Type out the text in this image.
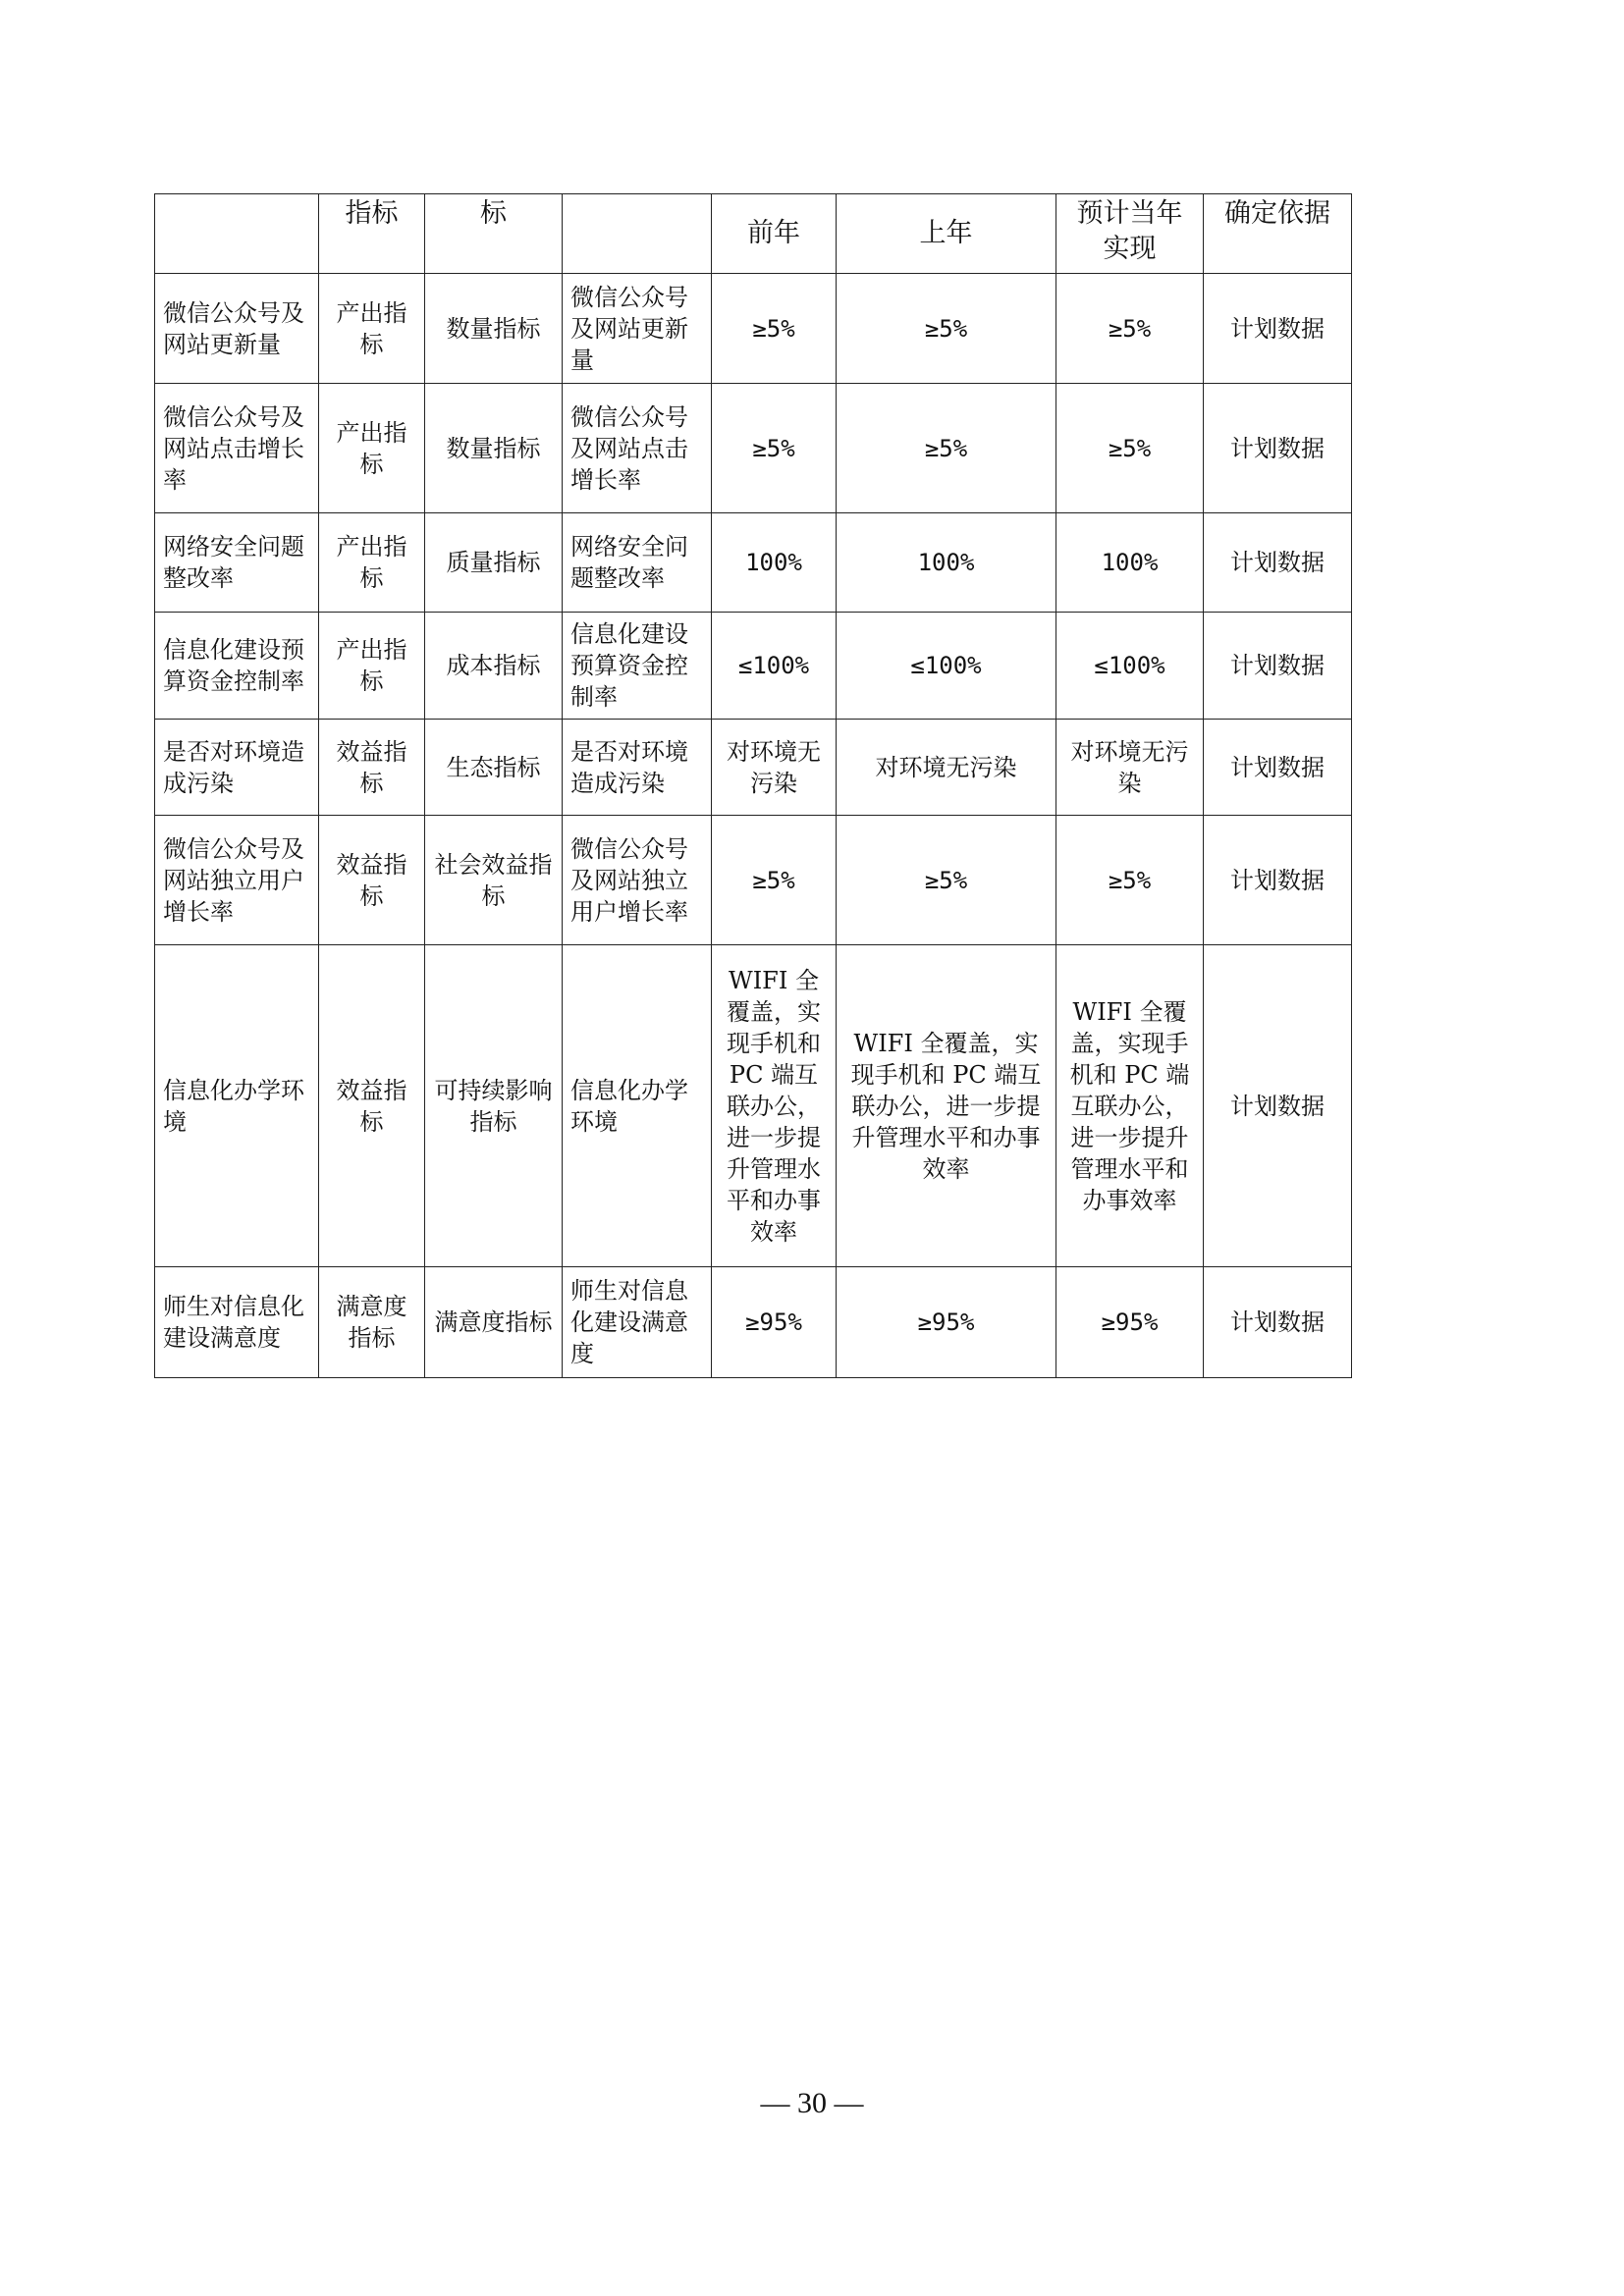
	指标	标		前年	上年	预计当年实现	确定依据
微信公众号及网站更新量	产出指标	数量指标	微信公众号及网站更新量	≥5%	≥5%	≥5%	计划数据
微信公众号及网站点击增长率	产出指标	数量指标	微信公众号及网站点击增长率	≥5%	≥5%	≥5%	计划数据
网络安全问题整改率	产出指标	质量指标	网络安全问题整改率	100%	100%	100%	计划数据
信息化建设预算资金控制率	产出指标	成本指标	信息化建设预算资金控制率	≤100%	≤100%	≤100%	计划数据
是否对环境造成污染	效益指标	生态指标	是否对环境造成污染	对环境无污染	对环境无污染	对环境无污染	计划数据
微信公众号及网站独立用户增长率	效益指标	社会效益指标	微信公众号及网站独立用户增长率	≥5%	≥5%	≥5%	计划数据
信息化办学环境	效益指标	可持续影响指标	信息化办学环境	WIFI 全覆盖，实现手机和 PC 端互联办公，进一步提升管理水平和办事效率	WIFI 全覆盖，实现手机和 PC 端互联办公，进一步提升管理水平和办事效率	WIFI 全覆盖，实现手机和 PC 端互联办公，进一步提升管理水平和办事效率	计划数据
师生对信息化建设满意度	满意度指标	满意度指标	师生对信息化建设满意度	≥95%	≥95%	≥95%	计划数据
— 30 —
